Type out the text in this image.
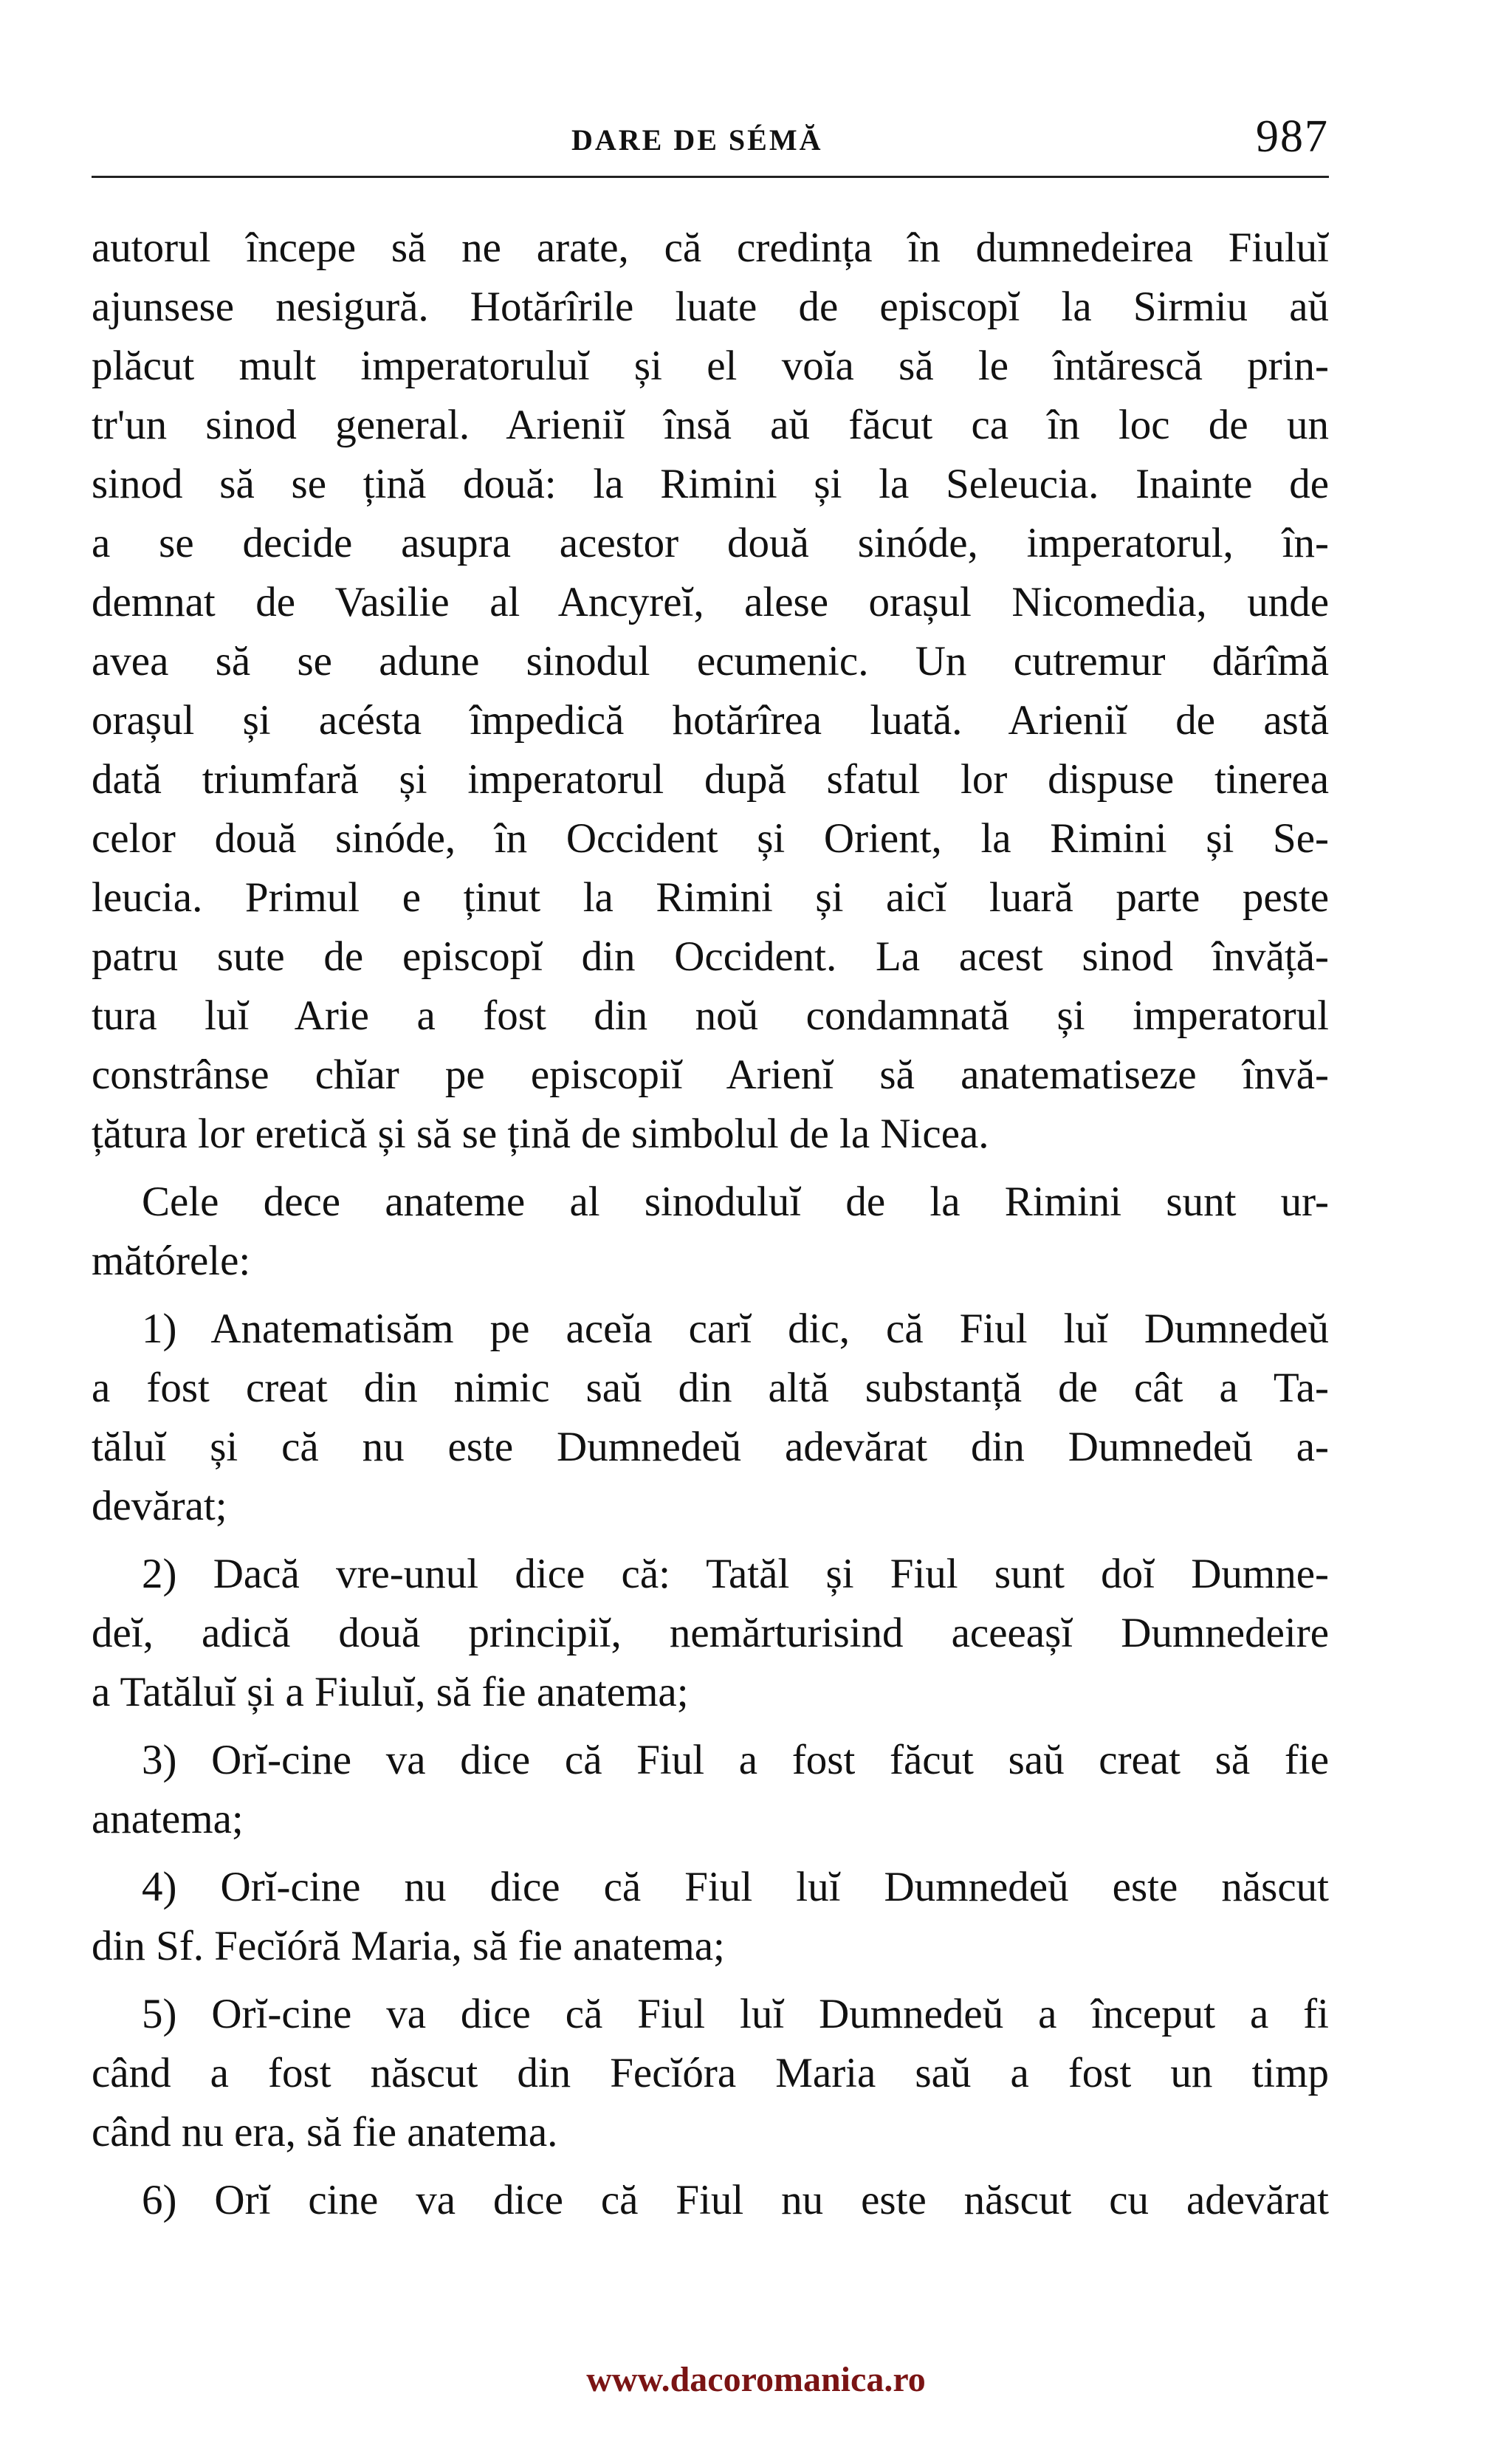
DARE DE SÉMĂ	987
autorul începe să ne arate, că credința în dumnedeirea Fiuluĭ
ajunsese nesigură. Hotărîrile luate de episcopĭ la Sirmiu aŭ
plăcut mult imperatoruluĭ și el voĭa să le întărescă prin-
tr'un sinod general. Arieniĭ însă aŭ făcut ca în loc de un
sinod să se țină două: la Rimini și la Seleucia. Inainte de
a se decide asupra acestor două sinóde, imperatorul, în-
demnat de Vasilie al Ancyreĭ, alese orașul Nicomedia, unde
avea să se adune sinodul ecumenic. Un cutremur dărîmă
orașul și acésta împedică hotărîrea luată. Arieniĭ de astă
dată triumfară și imperatorul după sfatul lor dispuse tinerea
celor două sinóde, în Occident și Orient, la Rimini și Se-
leucia. Primul e ținut la Rimini și aicĭ luară parte peste
patru sute de episcopĭ din Occident. La acest sinod învăță-
tura luĭ Arie a fost din noŭ condamnată și imperatorul
constrânse chĭar pe episcopiĭ Arienĭ să anatematiseze învă-
țătura lor eretică și să se țină de simbolul de la Nicea.
Cele dece anateme al sinoduluĭ de la Rimini sunt ur-
mătórele:
1) Anatematisăm pe aceĭa carĭ dic, că Fiul luĭ Dumnedeŭ
a fost creat din nimic saŭ din altă substanță de cât a Ta-
tăluĭ și că nu este Dumnedeŭ adevărat din Dumnedeŭ a-
devărat;
2) Dacă vre-unul dice că: Tatăl și Fiul sunt doĭ Dumne-
deĭ, adică două principiĭ, nemărturisind aceeașĭ Dumnedeire
a Tatăluĭ și a Fiuluĭ, să fie anatema;
3) Orĭ-cine va dice că Fiul a fost făcut saŭ creat să fie
anatema;
4) Orĭ-cine nu dice că Fiul luĭ Dumnedeŭ este născut
din Sf. Fecĭóră Maria, să fie anatema;
5) Orĭ-cine va dice că Fiul luĭ Dumnedeŭ a început a fi
când a fost născut din Fecĭóra Maria saŭ a fost un timp
când nu era, să fie anatema.
6) Orĭ cine va dice că Fiul nu este născut cu adevărat
www.dacoromanica.ro
